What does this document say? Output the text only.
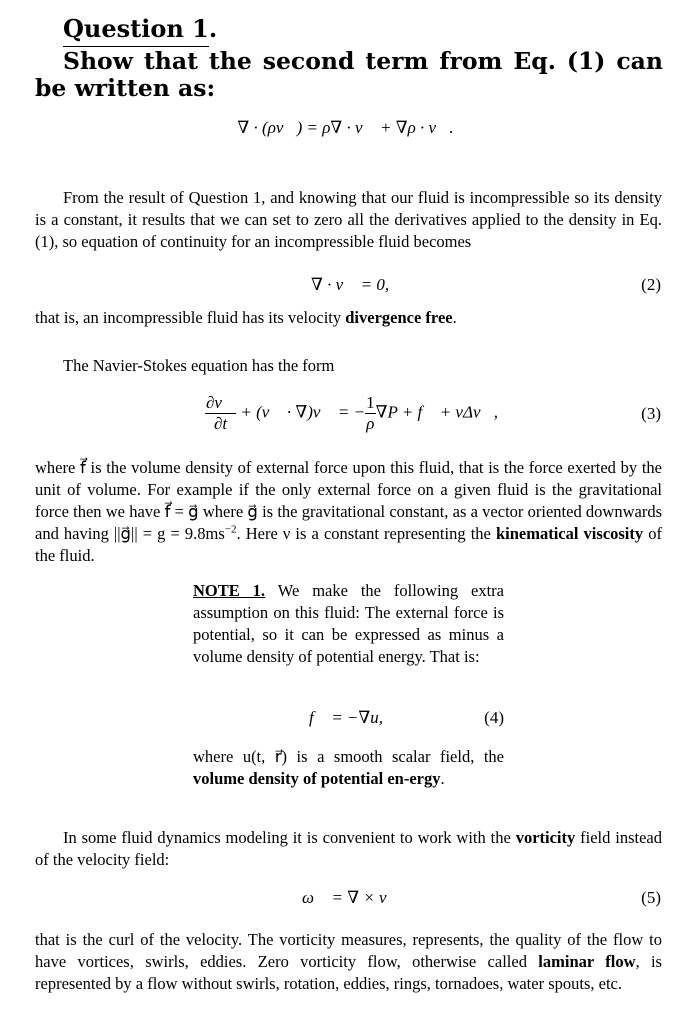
Question 1.
Show that the second term from Eq. (1) can
be written as:
∇ · (ρv⃗) = ρ∇ · v⃗ + ∇ρ · v⃗.
From the result of Question 1, and knowing that our fluid is incompressible so its density is a constant, it results that we can set to zero all the derivatives applied to the density in Eq. (1), so equation of continuity for an incompressible fluid becomes
∇ · v⃗ = 0,	(2)
that is, an incompressible fluid has its velocity divergence free.
The Navier-Stokes equation has the form
$\frac{\partial v⃗}{\partial t}$ + (v⃗ · ∇)v⃗ = − $\frac{1}{\rho} \nabla P$ + f⃗ + νΔv⃗,	(3)
where f⃗ is the volume density of external force upon this fluid, that is the force exerted by the unit of volume. For example if the only external force on a given fluid is the gravitational force then we have f⃗ = g⃗ where g⃗ is the gravitational constant, as a vector oriented downwards and having ||g⃗|| = $g = 9.8ms^{-2}$. Here ν is a constant representing the kinematical viscosity of the fluid.
NOTE 1. We make the following extra assumption on this fluid: The external force is potential, so it can be expressed as minus a volume density of potential energy. That is:
f⃗ = −∇u,	(4)
where u(t, r⃗) is a smooth scalar field, the volume density of potential en-ergy.
In some fluid dynamics modeling it is convenient to work with the vorticity field instead of the velocity field:
ω⃗ = ∇ × v⃗	(5)
that is the curl of the velocity. The vorticity measures, represents, the quality of the flow to have vortices, swirls, eddies. Zero vorticity flow, otherwise called laminar flow, is represented by a flow without swirls, rotation, eddies, rings, tornadoes, water spouts, etc.
